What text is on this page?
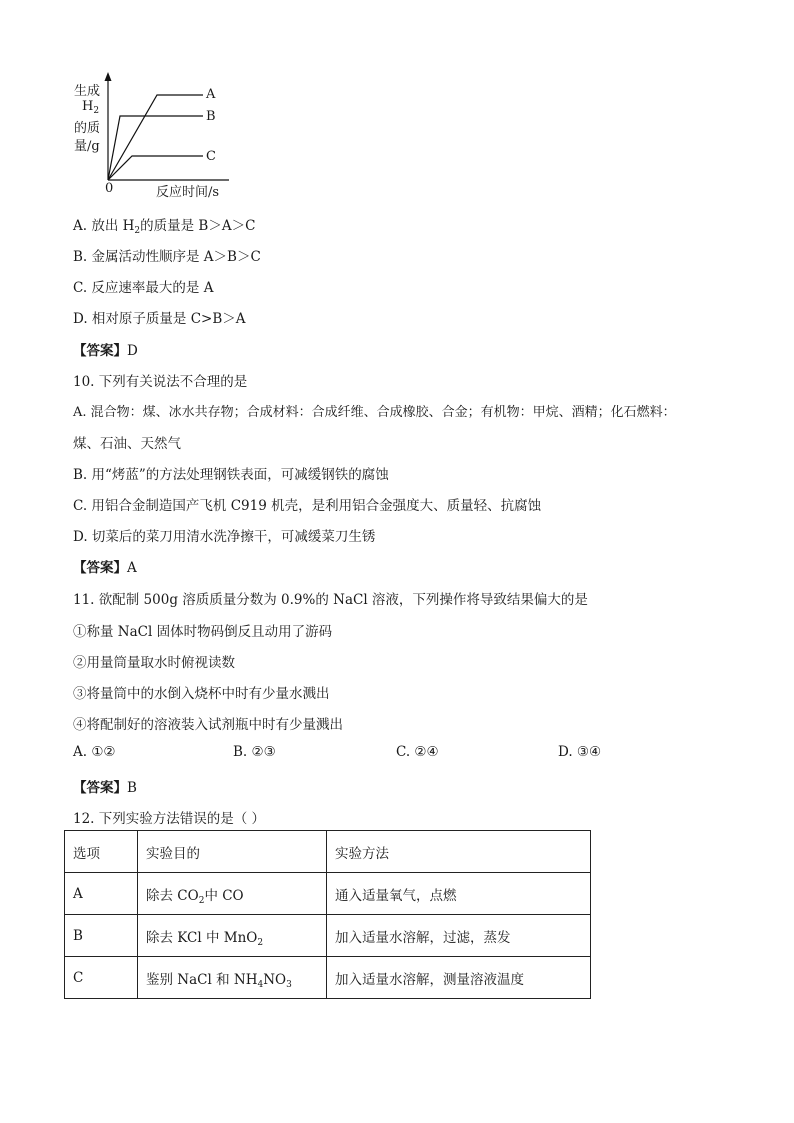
生成
$H_2$
的质
量/g
0	反应时间/s
A
B
C
A. 放出 $H_2$的质量是 B＞A＞C
B. 金属活动性顺序是 A＞B＞C
C. 反应速率最大的是 A
D. 相对原子质量是 C>B＞A
【答案】D
10. 下列有关说法不合理的是
A. 混合物：煤、冰水共存物；合成材料：合成纤维、合成橡胶、合金；有机物：甲烷、酒精；化石燃料：
煤、石油、天然气
B. 用“烤蓝”的方法处理钢铁表面，可减缓钢铁的腐蚀
C. 用铝合金制造国产飞机 C919 机壳，是利用铝合金强度大、质量轻、抗腐蚀
D. 切菜后的菜刀用清水洗净擦干，可减缓菜刀生锈
【答案】A
11. 欲配制 500g 溶质质量分数为 0.9%的 NaCl 溶液，下列操作将导致结果偏大的是
①称量 NaCl 固体时物码倒反且动用了游码
②用量筒量取水时俯视读数
③将量筒中的水倒入烧杯中时有少量水溅出
④将配制好的溶液装入试剂瓶中时有少量溅出
A. ①②	B. ②③	C. ②④	D. ③④
【答案】B
12. 下列实验方法错误的是（ ）
选项	实验目的	实验方法
A	除去 $CO_2$中 CO	通入适量氧气，点燃
B	除去 KCl 中 MnO$_2$	加入适量水溶解，过滤，蒸发
C	鉴别 NaCl 和 $NH_4NO_3$	加入适量水溶解，测量溶液温度
